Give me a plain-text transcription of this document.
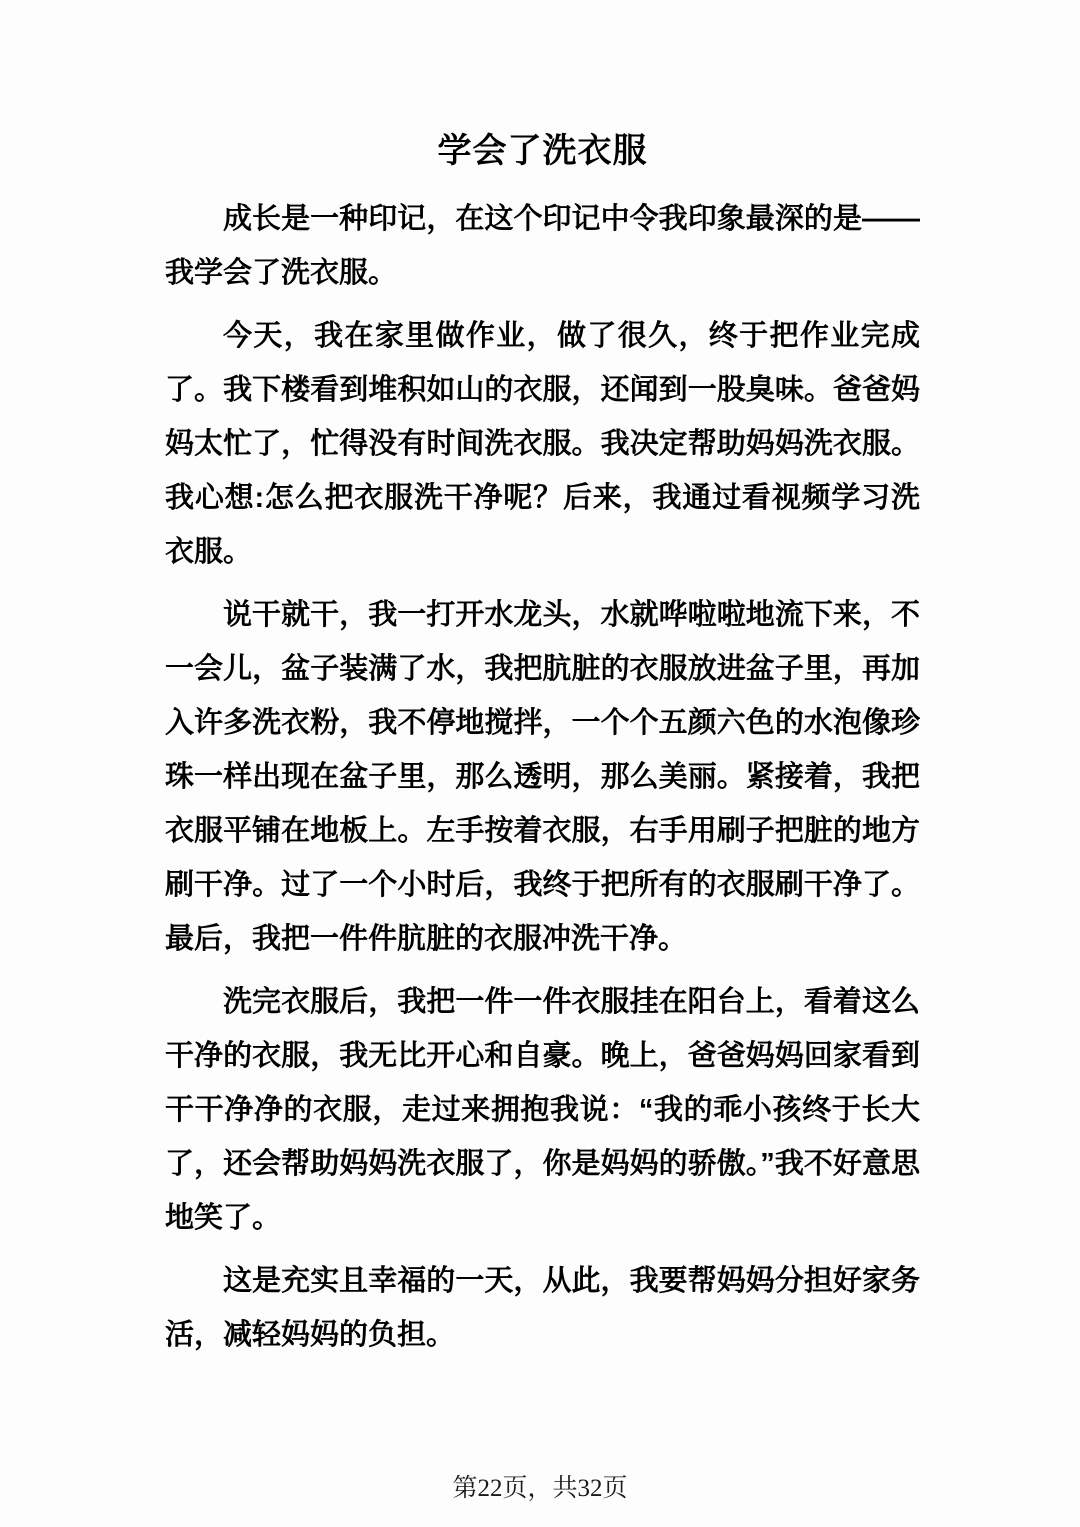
学会了洗衣服

成长是一种印记，在这个印记中令我印象最深的是——我学会了洗衣服。

今天，我在家里做作业，做了很久，终于把作业完成了。我下楼看到堆积如山的衣服，还闻到一股臭味。爸爸妈妈太忙了，忙得没有时间洗衣服。我决定帮助妈妈洗衣服。我心想:怎么把衣服洗干净呢？后来，我通过看视频学习洗衣服。

说干就干，我一打开水龙头，水就哗啦啦地流下来，不一会儿，盆子装满了水，我把肮脏的衣服放进盆子里，再加入许多洗衣粉，我不停地搅拌，一个个五颜六色的水泡像珍珠一样出现在盆子里，那么透明，那么美丽。紧接着，我把衣服平铺在地板上。左手按着衣服，右手用刷子把脏的地方刷干净。过了一个小时后，我终于把所有的衣服刷干净了。最后，我把一件件肮脏的衣服冲洗干净。

洗完衣服后，我把一件一件衣服挂在阳台上，看着这么干净的衣服，我无比开心和自豪。晚上，爸爸妈妈回家看到干干净净的衣服，走过来拥抱我说：“我的乖小孩终于长大了，还会帮助妈妈洗衣服了，你是妈妈的骄傲。”我不好意思地笑了。

这是充实且幸福的一天，从此，我要帮妈妈分担好家务活，减轻妈妈的负担。

第22页，共32页
